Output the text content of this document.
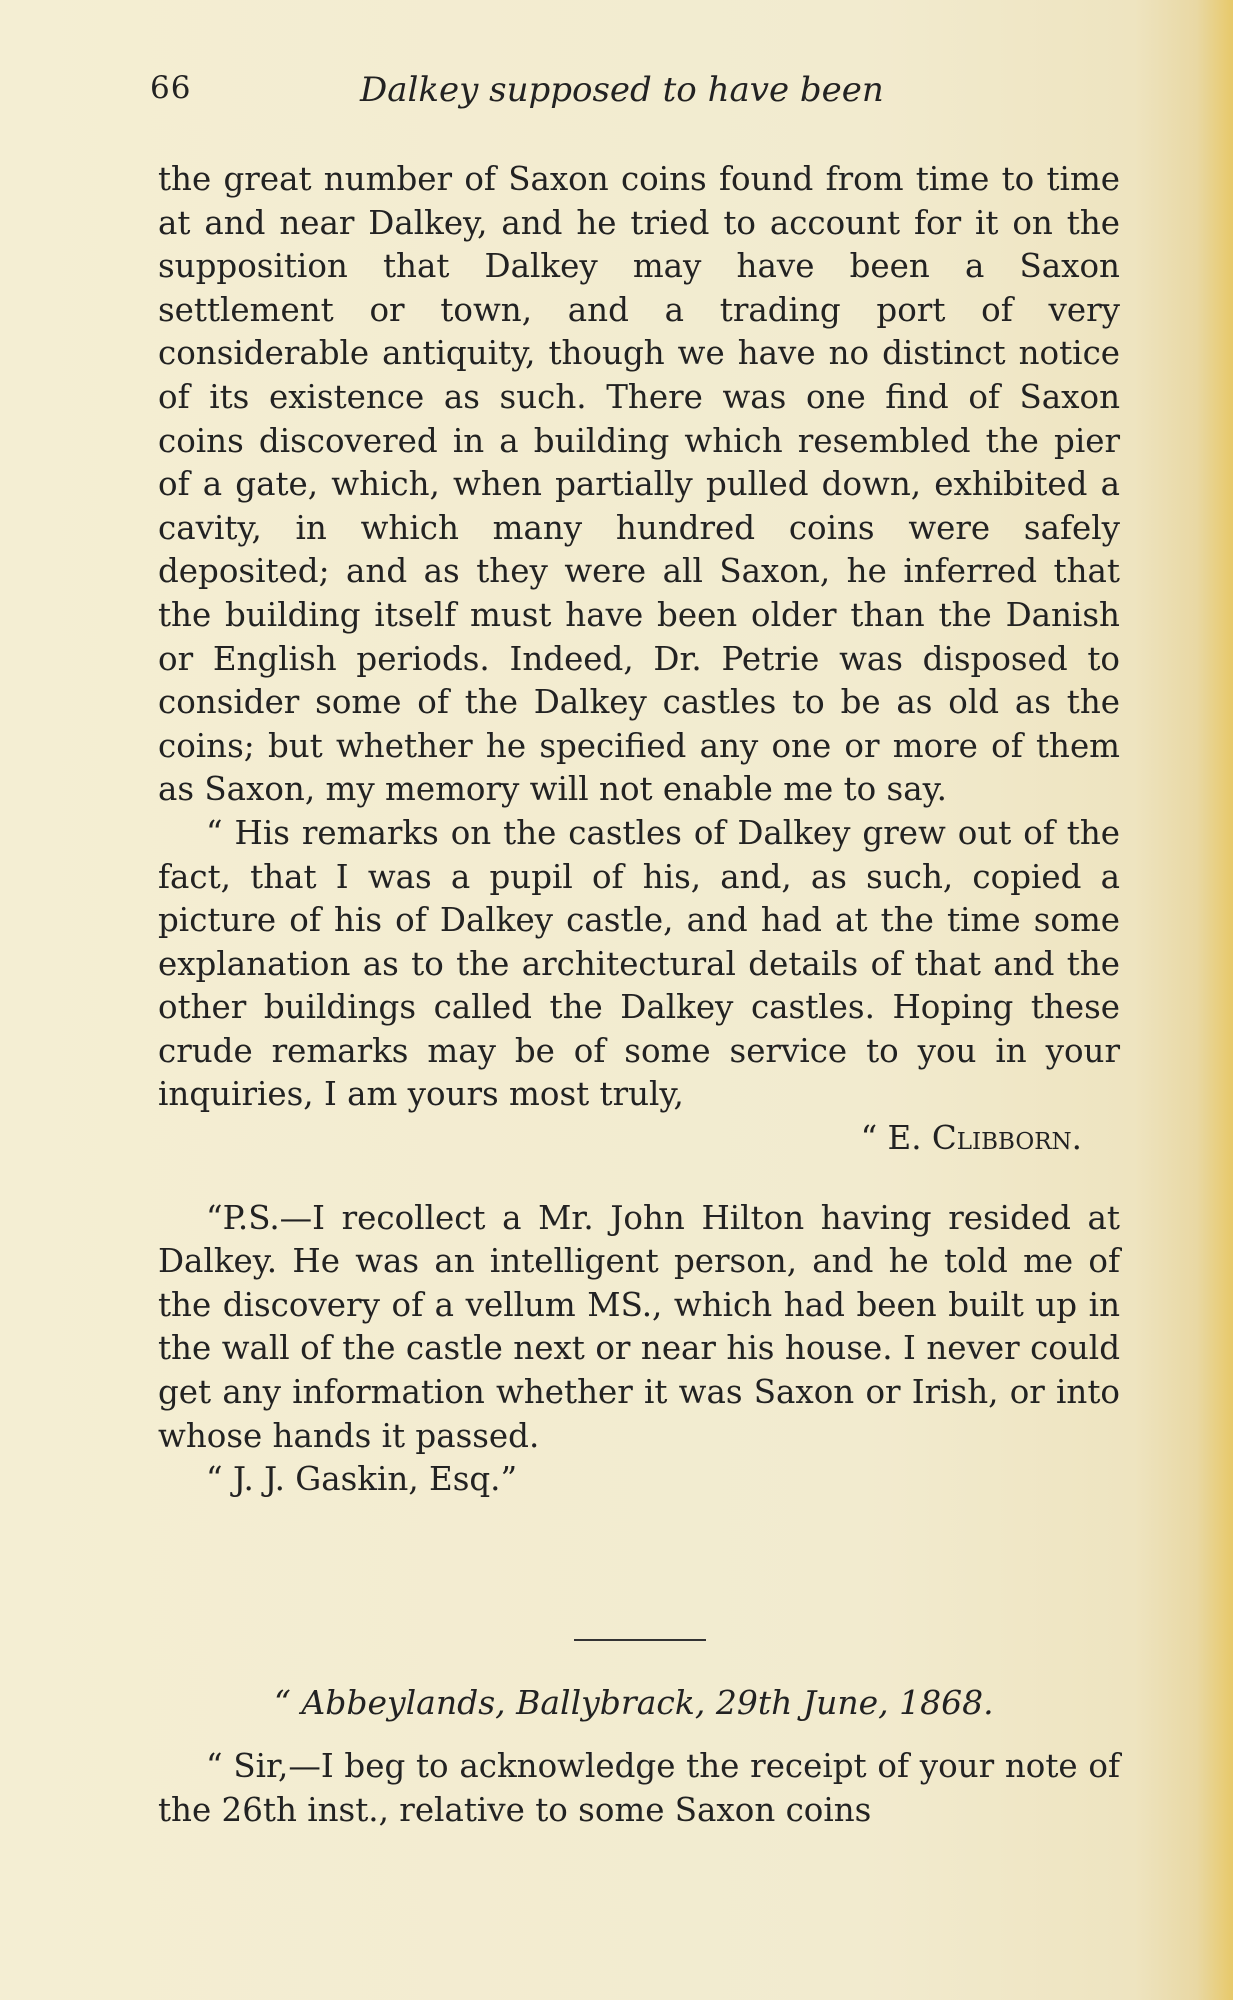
66	Dalkey supposed to have been

the great number of Saxon coins found from time to time at and near Dalkey, and he tried to account for it on the supposition that Dalkey may have been a Saxon settlement or town, and a trading port of very considerable antiquity, though we have no distinct notice of its existence as such. There was one find of Saxon coins discovered in a building which resembled the pier of a gate, which, when partially pulled down, exhibited a cavity, in which many hundred coins were safely deposited; and as they were all Saxon, he inferred that the building itself must have been older than the Danish or English periods. Indeed, Dr. Petrie was disposed to consider some of the Dalkey castles to be as old as the coins; but whether he specified any one or more of them as Saxon, my memory will not enable me to say.

“ His remarks on the castles of Dalkey grew out of the fact, that I was a pupil of his, and, as such, copied a picture of his of Dalkey castle, and had at the time some explanation as to the architectural details of that and the other buildings called the Dalkey castles. Hoping these crude remarks may be of some service to you in your inquiries, I am yours most truly,

“ E. Clibborn.

“P.S.—I recollect a Mr. John Hilton having resided at Dalkey. He was an intelligent person, and he told me of the discovery of a vellum MS., which had been built up in the wall of the castle next or near his house. I never could get any information whether it was Saxon or Irish, or into whose hands it passed.

“ J. J. Gaskin, Esq.”

“ Abbeylands, Ballybrack, 29th June, 1868.

“ Sir,—I beg to acknowledge the receipt of your note of the 26th inst., relative to some Saxon coins
